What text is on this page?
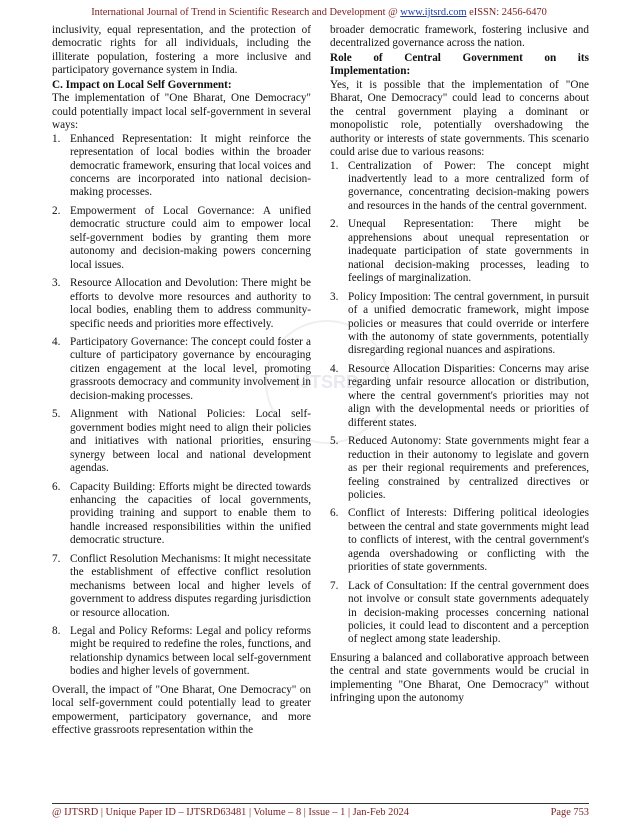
International Journal of Trend in Scientific Research and Development @ www.ijtsrd.com eISSN: 2456-6470
IJTSRD

inclusivity, equal representation, and the protection of democratic rights for all individuals, including the illiterate population, fostering a more inclusive and participatory governance system in India.

C. Impact on Local Self Government:

The implementation of "One Bharat, One Democracy" could potentially impact local self-government in several ways:

1. Enhanced Representation: It might reinforce the representation of local bodies within the broader democratic framework, ensuring that local voices and concerns are incorporated into national decision-making processes.
2. Empowerment of Local Governance: A unified democratic structure could aim to empower local self-government bodies by granting them more autonomy and decision-making powers concerning local issues.
3. Resource Allocation and Devolution: There might be efforts to devolve more resources and authority to local bodies, enabling them to address community-specific needs and priorities more effectively.
4. Participatory Governance: The concept could foster a culture of participatory governance by encouraging citizen engagement at the local level, promoting grassroots democracy and community involvement in decision-making processes.
5. Alignment with National Policies: Local self-government bodies might need to align their policies and initiatives with national priorities, ensuring synergy between local and national development agendas.
6. Capacity Building: Efforts might be directed towards enhancing the capacities of local governments, providing training and support to enable them to handle increased responsibilities within the unified democratic structure.
7. Conflict Resolution Mechanisms: It might necessitate the establishment of effective conflict resolution mechanisms between local and higher levels of government to address disputes regarding jurisdiction or resource allocation.
8. Legal and Policy Reforms: Legal and policy reforms might be required to redefine the roles, functions, and relationship dynamics between local self-government bodies and higher levels of government.

Overall, the impact of "One Bharat, One Democracy" on local self-government could potentially lead to greater empowerment, participatory governance, and more effective grassroots representation within the

broader democratic framework, fostering inclusive and decentralized governance across the nation.

Role of Central Government on its
Implementation:

Yes, it is possible that the implementation of "One Bharat, One Democracy" could lead to concerns about the central government playing a dominant or monopolistic role, potentially overshadowing the authority or interests of state governments. This scenario could arise due to various reasons:

1. Centralization of Power: The concept might inadvertently lead to a more centralized form of governance, concentrating decision-making powers and resources in the hands of the central government.
2. Unequal Representation: There might be apprehensions about unequal representation or inadequate participation of state governments in national decision-making processes, leading to feelings of marginalization.
3. Policy Imposition: The central government, in pursuit of a unified democratic framework, might impose policies or measures that could override or interfere with the autonomy of state governments, potentially disregarding regional nuances and aspirations.
4. Resource Allocation Disparities: Concerns may arise regarding unfair resource allocation or distribution, where the central government's priorities may not align with the developmental needs or priorities of different states.
5. Reduced Autonomy: State governments might fear a reduction in their autonomy to legislate and govern as per their regional requirements and preferences, feeling constrained by centralized directives or policies.
6. Conflict of Interests: Differing political ideologies between the central and state governments might lead to conflicts of interest, with the central government's agenda overshadowing or conflicting with the priorities of state governments.
7. Lack of Consultation: If the central government does not involve or consult state governments adequately in decision-making processes concerning national policies, it could lead to discontent and a perception of neglect among state leadership.

Ensuring a balanced and collaborative approach between the central and state governments would be crucial in implementing "One Bharat, One Democracy" without infringing upon the autonomy

@ IJTSRD | Unique Paper ID – IJTSRD63481 | Volume – 8 | Issue – 1 | Jan-Feb 2024	Page 753
